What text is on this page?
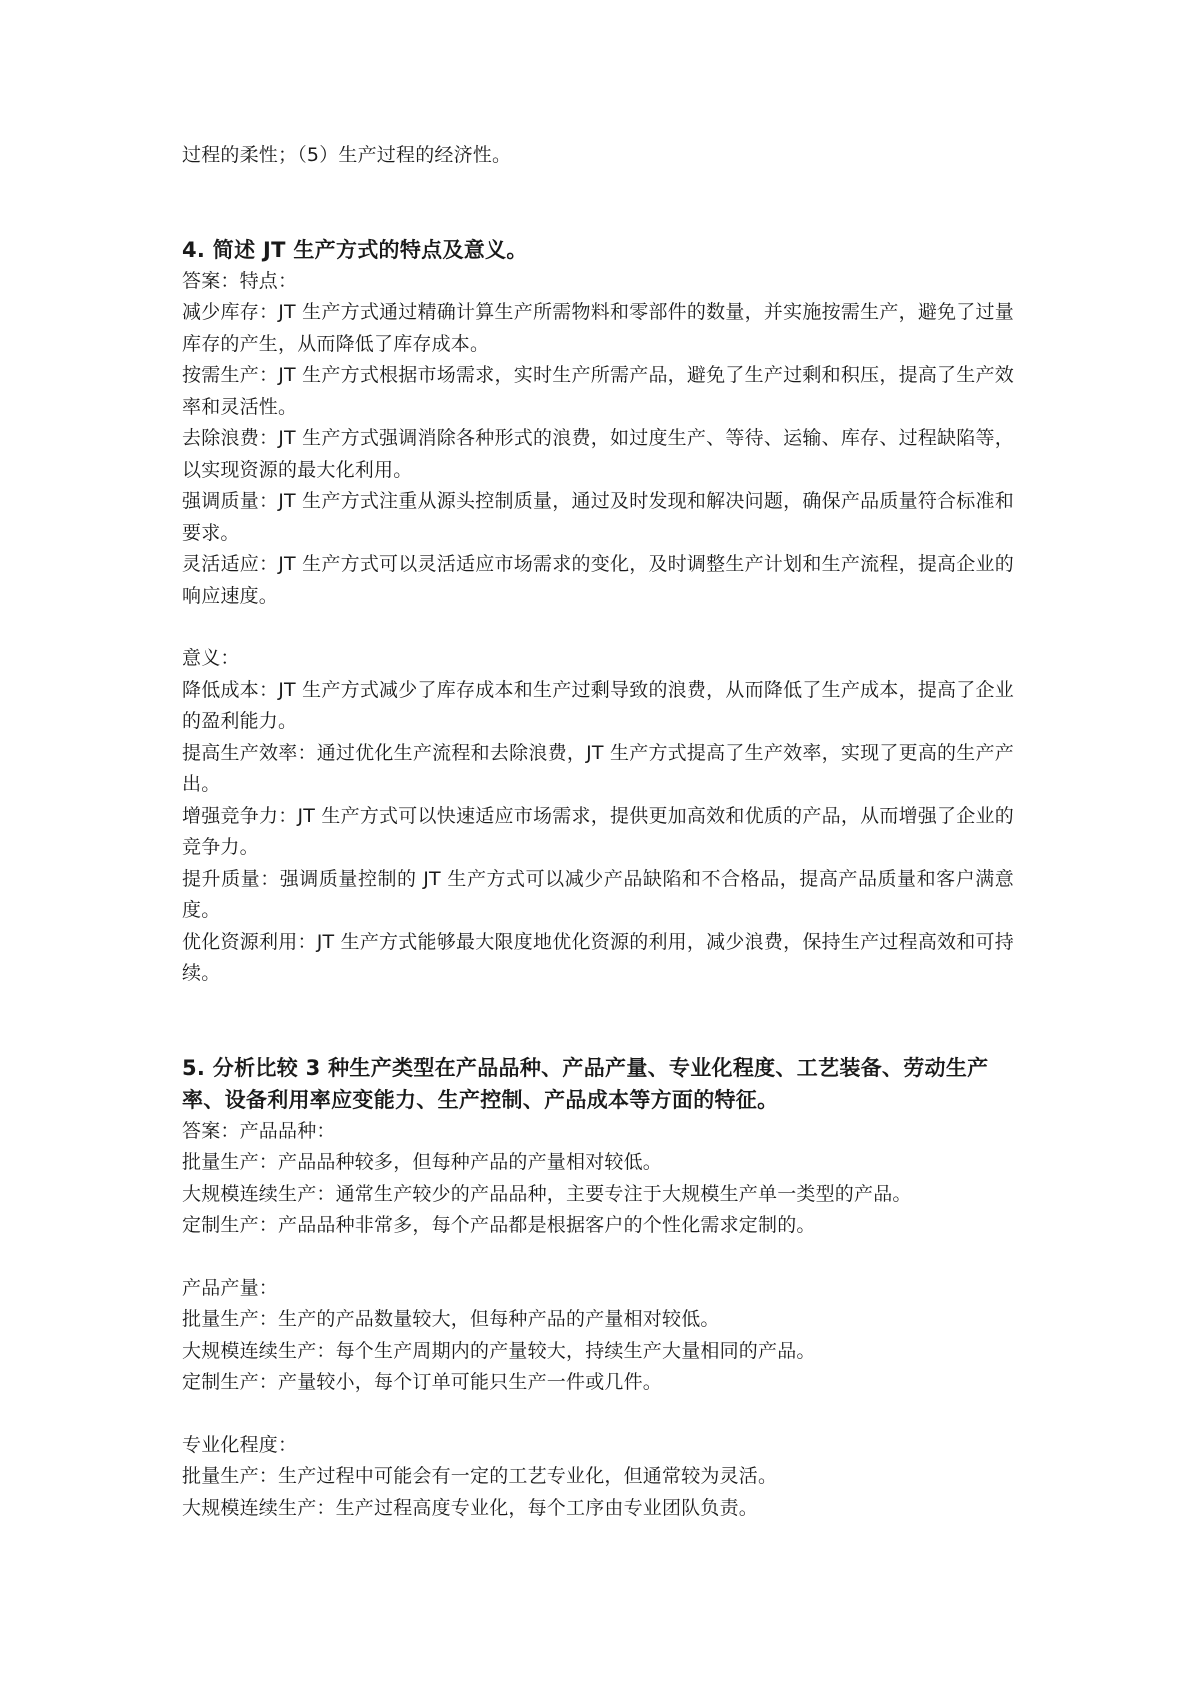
过程的柔性；（5）生产过程的经济性。

4. 简述 JT 生产方式的特点及意义。

答案：特点：

减少库存：JT 生产方式通过精确计算生产所需物料和零部件的数量，并实施按需生产，避免了过量库存的产生，从而降低了库存成本。

按需生产：JT 生产方式根据市场需求，实时生产所需产品，避免了生产过剩和积压，提高了生产效率和灵活性。

去除浪费：JT 生产方式强调消除各种形式的浪费，如过度生产、等待、运输、库存、过程缺陷等，以实现资源的最大化利用。

强调质量：JT 生产方式注重从源头控制质量，通过及时发现和解决问题，确保产品质量符合标准和要求。

灵活适应：JT 生产方式可以灵活适应市场需求的变化，及时调整生产计划和生产流程，提高企业的响应速度。

意义：

降低成本：JT 生产方式减少了库存成本和生产过剩导致的浪费，从而降低了生产成本，提高了企业的盈利能力。

提高生产效率：通过优化生产流程和去除浪费，JT 生产方式提高了生产效率，实现了更高的生产产出。

增强竞争力：JT 生产方式可以快速适应市场需求，提供更加高效和优质的产品，从而增强了企业的竞争力。

提升质量：强调质量控制的 JT 生产方式可以减少产品缺陷和不合格品，提高产品质量和客户满意度。

优化资源利用：JT 生产方式能够最大限度地优化资源的利用，减少浪费，保持生产过程高效和可持续。

5. 分析比较 3 种生产类型在产品品种、产品产量、专业化程度、工艺装备、劳动生产率、设备利用率应变能力、生产控制、产品成本等方面的特征。

答案：产品品种：

批量生产：产品品种较多，但每种产品的产量相对较低。

大规模连续生产：通常生产较少的产品品种，主要专注于大规模生产单一类型的产品。

定制生产：产品品种非常多，每个产品都是根据客户的个性化需求定制的。

产品产量：

批量生产：生产的产品数量较大，但每种产品的产量相对较低。

大规模连续生产：每个生产周期内的产量较大，持续生产大量相同的产品。

定制生产：产量较小，每个订单可能只生产一件或几件。

专业化程度：

批量生产：生产过程中可能会有一定的工艺专业化，但通常较为灵活。

大规模连续生产：生产过程高度专业化，每个工序由专业团队负责。
